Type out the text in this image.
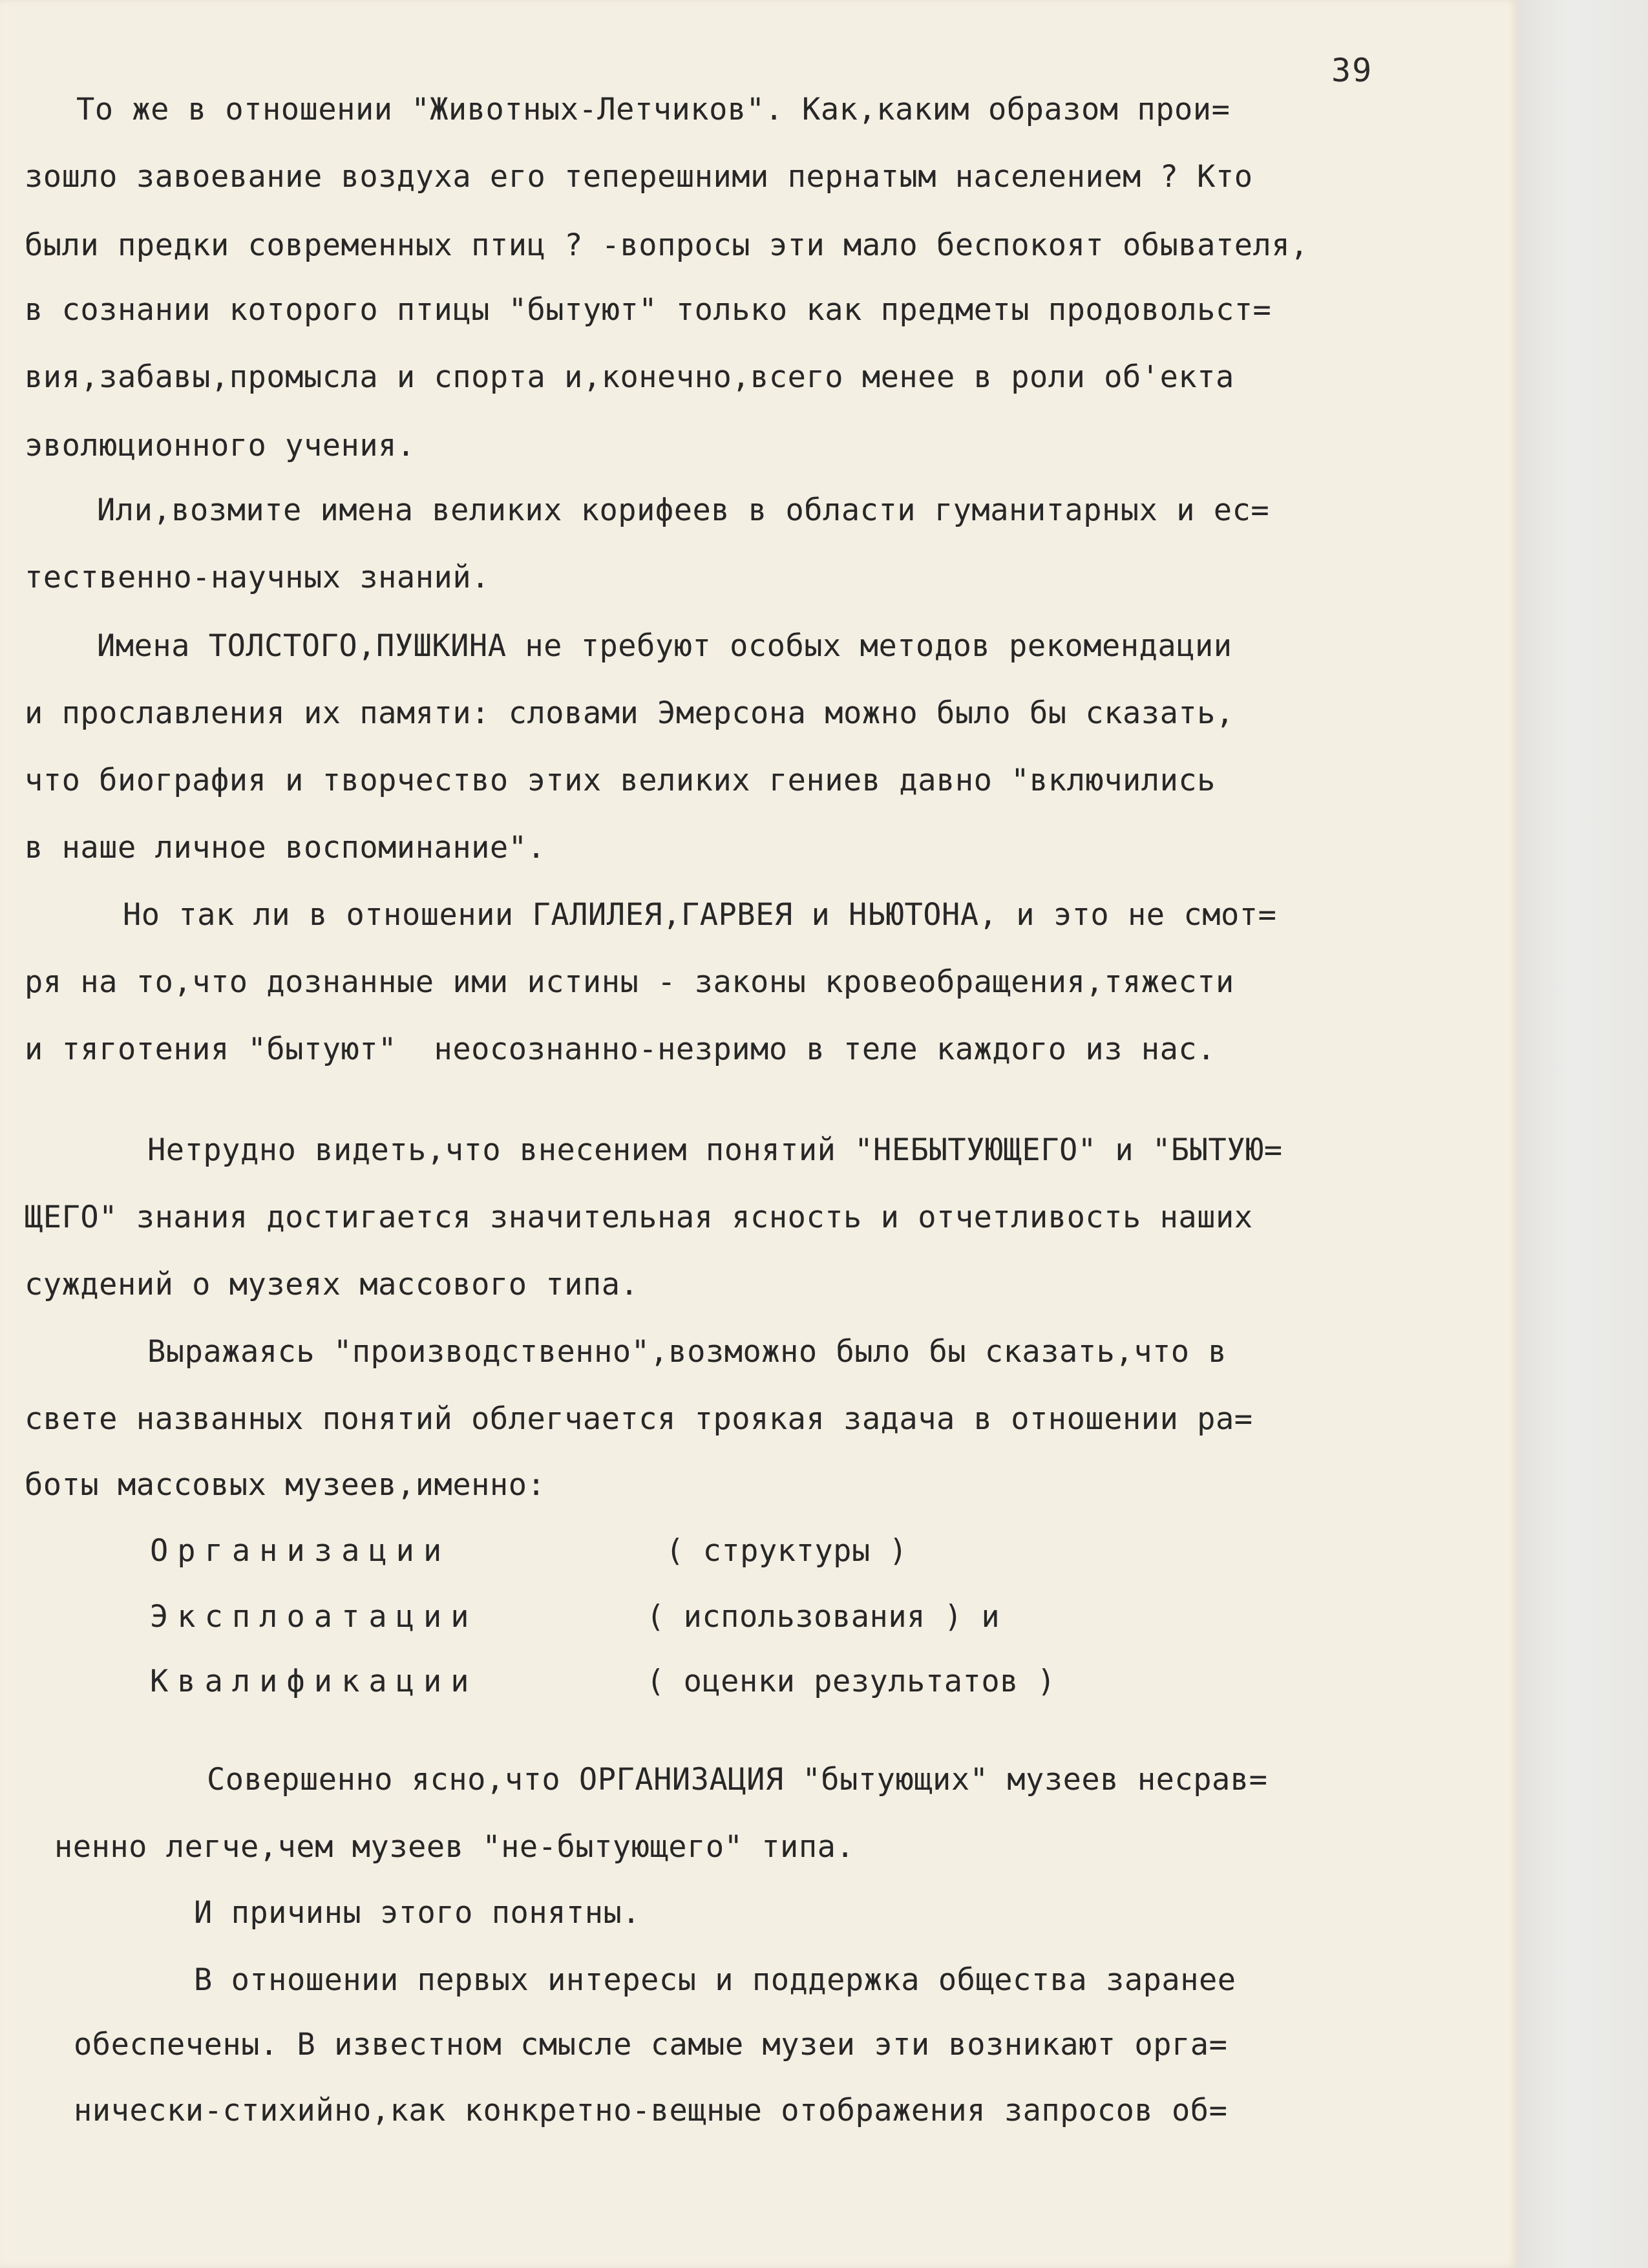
39
То же в отношении "Животных-Летчиков". Как,каким образом прои=
зошло завоевание воздуха его теперешними пернатым населением ? Кто
были предки современных птиц ? -вопросы эти мало беспокоят обывателя,
в сознании которого птицы "бытуют" только как предметы продовольст=
вия,забавы,промысла и спорта и,конечно,всего менее в роли об'екта
эволюционного учения.
Или,возмите имена великих корифеев в области гуманитарных и ес=
тественно-научных знаний.
Имена ТОЛСТОГО,ПУШКИНА не требуют особых методов рекомендации
и прославления их памяти: словами Эмерсона можно было бы сказать,
что биография и творчество этих великих гениев давно "включились
в наше личное воспоминание".
Но так ли в отношении ГАЛИЛЕЯ,ГАРВЕЯ и НЬЮТОНА, и это не смот=
ря на то,что дознанные ими истины - законы кровеобращения,тяжести
и тяготения "бытуют"  неосознанно-незримо в теле каждого из нас.
Нетрудно видеть,что внесением понятий "НЕБЫТУЮЩЕГО" и "БЫТУЮ=
ЩЕГО" знания достигается значительная ясность и отчетливость наших
суждений о музеях массового типа.
Выражаясь "производственно",возможно было бы сказать,что в
свете названных понятий облегчается троякая задача в отношении ра=
боты массовых музеев,именно:
Организации	( структуры )
Эксплоатации	( использования ) и
Квалификации	( оценки результатов )
Совершенно ясно,что ОРГАНИЗАЦИЯ "бытующих" музеев несрав=
ненно легче,чем музеев "не-бытующего" типа.
И причины этого понятны.
В отношении первых интересы и поддержка общества заранее
обеспечены. В известном смысле самые музеи эти возникают орга=
нически-стихийно,как конкретно-вещные отображения запросов об=
